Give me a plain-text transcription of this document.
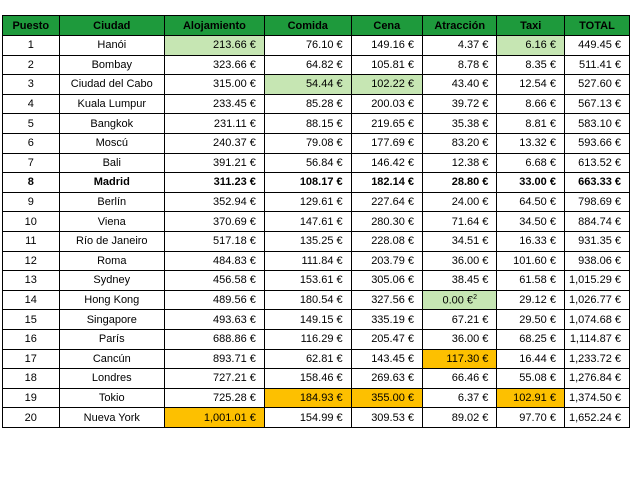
Puesto	Ciudad	Alojamiento	Comida	Cena	Atracción	Taxi	TOTAL
1	Hanói	213.66 €	76.10 €	149.16 €	4.37 €	6.16 €	449.45 €
2	Bombay	323.66 €	64.82 €	105.81 €	8.78 €	8.35 €	511.41 €
3	Ciudad del Cabo	315.00 €	54.44 €	102.22 €	43.40 €	12.54 €	527.60 €
4	Kuala Lumpur	233.45 €	85.28 €	200.03 €	39.72 €	8.66 €	567.13 €
5	Bangkok	231.11 €	88.15 €	219.65 €	35.38 €	8.81 €	583.10 €
6	Moscú	240.37 €	79.08 €	177.69 €	83.20 €	13.32 €	593.66 €
7	Bali	391.21 €	56.84 €	146.42 €	12.38 €	6.68 €	613.52 €
8	Madrid	311.23 €	108.17 €	182.14 €	28.80 €	33.00 €	663.33 €
9	Berlín	352.94 €	129.61 €	227.64 €	24.00 €	64.50 €	798.69 €
10	Viena	370.69 €	147.61 €	280.30 €	71.64 €	34.50 €	884.74 €
11	Río de Janeiro	517.18 €	135.25 €	228.08 €	34.51 €	16.33 €	931.35 €
12	Roma	484.83 €	111.84 €	203.79 €	36.00 €	101.60 €	938.06 €
13	Sydney	456.58 €	153.61 €	305.06 €	38.45 €	61.58 €	1,015.29 €
14	Hong Kong	489.56 €	180.54 €	327.56 €	0.00 €$^2$	29.12 €	1,026.77 €
15	Singapore	493.63 €	149.15 €	335.19 €	67.21 €	29.50 €	1,074.68 €
16	París	688.86 €	116.29 €	205.47 €	36.00 €	68.25 €	1,114.87 €
17	Cancún	893.71 €	62.81 €	143.45 €	117.30 €	16.44 €	1,233.72 €
18	Londres	727.21 €	158.46 €	269.63 €	66.46 €	55.08 €	1,276.84 €
19	Tokio	725.28 €	184.93 €	355.00 €	6.37 €	102.91 €	1,374.50 €
20	Nueva York	1,001.01 €	154.99 €	309.53 €	89.02 €	97.70 €	1,652.24 €
